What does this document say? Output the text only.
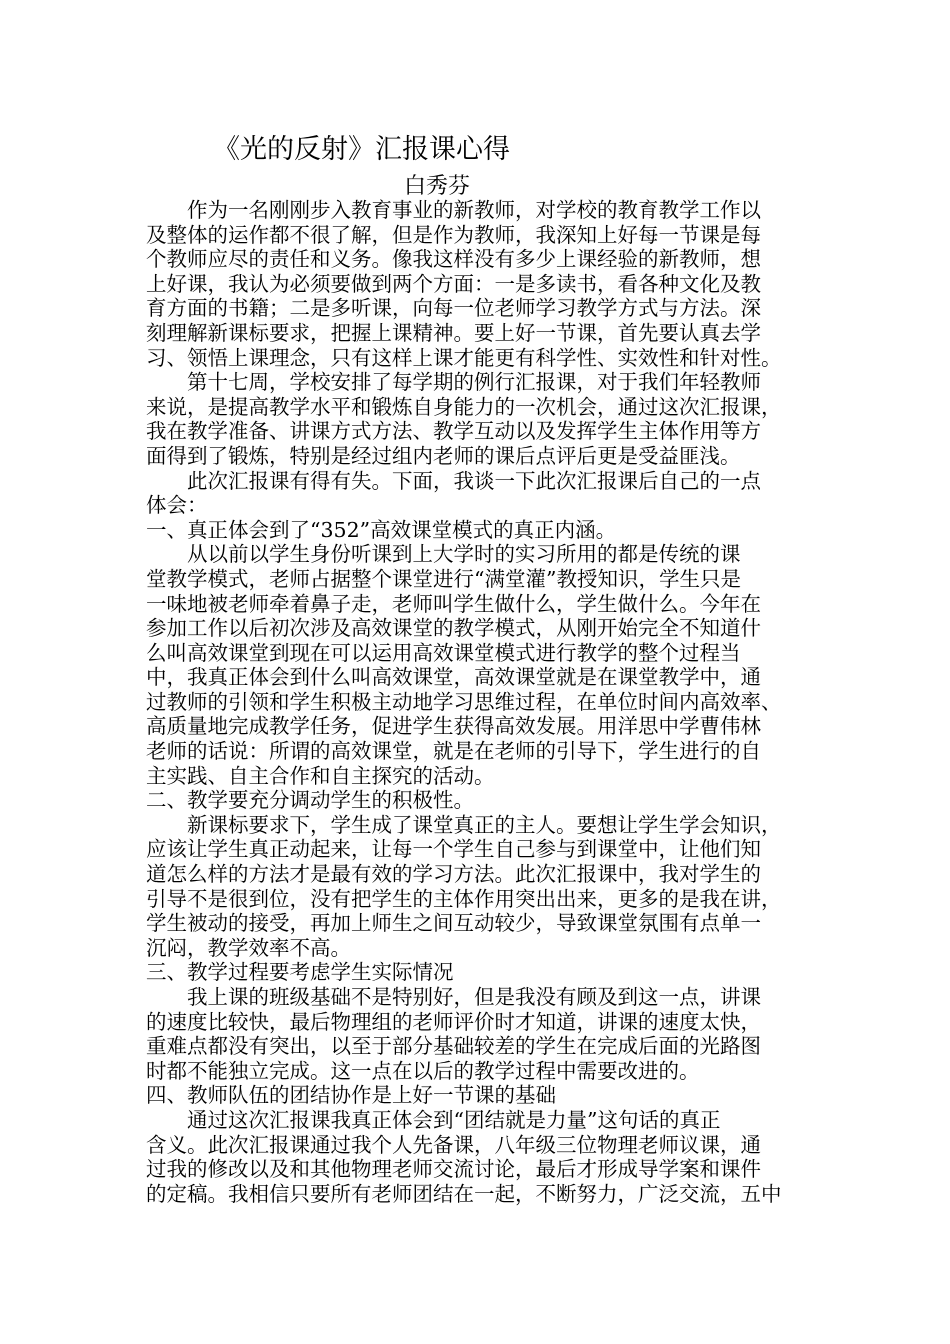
《光的反射》汇报课心得
白秀芬
　　作为一名刚刚步入教育事业的新教师，对学校的教育教学工作以
及整体的运作都不很了解，但是作为教师，我深知上好每一节课是每
个教师应尽的责任和义务。像我这样没有多少上课经验的新教师，想
上好课，我认为必须要做到两个方面：一是多读书，看各种文化及教
育方面的书籍；二是多听课，向每一位老师学习教学方式与方法。深
刻理解新课标要求，把握上课精神。要上好一节课，首先要认真去学
习、领悟上课理念，只有这样上课才能更有科学性、实效性和针对性。
　　第十七周，学校安排了每学期的例行汇报课，对于我们年轻教师
来说，是提高教学水平和锻炼自身能力的一次机会，通过这次汇报课，
我在教学准备、讲课方式方法、教学互动以及发挥学生主体作用等方
面得到了锻炼，特别是经过组内老师的课后点评后更是受益匪浅。
　　此次汇报课有得有失。下面，我谈一下此次汇报课后自己的一点
体会：
一、真正体会到了“352”高效课堂模式的真正内涵。
　　从以前以学生身份听课到上大学时的实习所用的都是传统的课
堂教学模式，老师占据整个课堂进行“满堂灌”教授知识，学生只是
一味地被老师牵着鼻子走，老师叫学生做什么，学生做什么。今年在
参加工作以后初次涉及高效课堂的教学模式，从刚开始完全不知道什
么叫高效课堂到现在可以运用高效课堂模式进行教学的整个过程当
中，我真正体会到什么叫高效课堂，高效课堂就是在课堂教学中，通
过教师的引领和学生积极主动地学习思维过程，在单位时间内高效率、
高质量地完成教学任务，促进学生获得高效发展。用洋思中学曹伟林
老师的话说：所谓的高效课堂，就是在老师的引导下，学生进行的自
主实践、自主合作和自主探究的活动。
二、教学要充分调动学生的积极性。
　　新课标要求下，学生成了课堂真正的主人。要想让学生学会知识，
应该让学生真正动起来，让每一个学生自己参与到课堂中，让他们知
道怎么样的方法才是最有效的学习方法。此次汇报课中，我对学生的
引导不是很到位，没有把学生的主体作用突出出来，更多的是我在讲，
学生被动的接受，再加上师生之间互动较少，导致课堂氛围有点单一
沉闷，教学效率不高。
三、教学过程要考虑学生实际情况
　　我上课的班级基础不是特别好，但是我没有顾及到这一点，讲课
的速度比较快，最后物理组的老师评价时才知道，讲课的速度太快，
重难点都没有突出，以至于部分基础较差的学生在完成后面的光路图
时都不能独立完成。这一点在以后的教学过程中需要改进的。
四、教师队伍的团结协作是上好一节课的基础
　　通过这次汇报课我真正体会到“团结就是力量”这句话的真正
含义。此次汇报课通过我个人先备课，八年级三位物理老师议课，通
过我的修改以及和其他物理老师交流讨论，最后才形成导学案和课件
的定稿。我相信只要所有老师团结在一起，不断努力，广泛交流，五中
